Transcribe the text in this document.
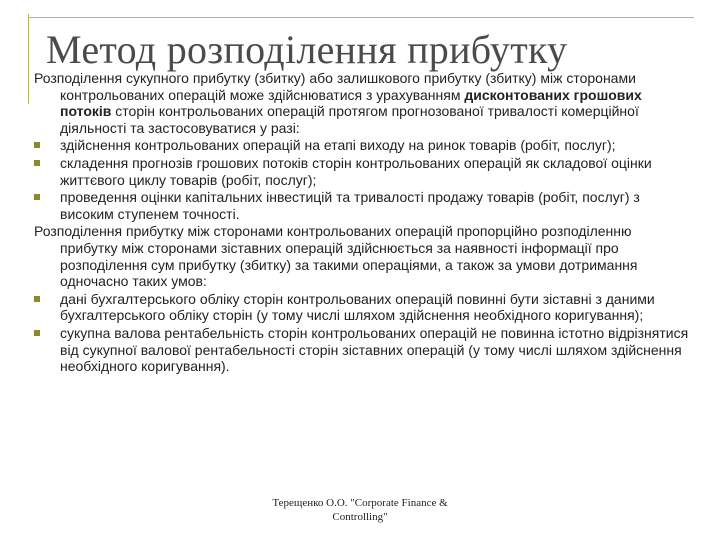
Метод розподілення прибутку

Розподілення сукупного прибутку (збитку) або залишкового прибутку (збитку) між сторонами контрольованих операцій може здійснюватися з урахуванням дисконтованих грошових потоків сторін контрольованих операцій протягом прогнозованої тривалості комерційної діяльності та застосовуватися у разі:

здійснення контрольованих операцій на етапі виходу на ринок товарів (робіт, послуг);
складення прогнозів грошових потоків сторін контрольованих операцій як складової оцінки життєвого циклу товарів (робіт, послуг);
проведення оцінки капітальних інвестицій та тривалості продажу товарів (робіт, послуг) з високим ступенем точності.

Розподілення прибутку між сторонами контрольованих операцій пропорційно розподіленню прибутку між сторонами зіставних операцій здійснюється за наявності інформації про розподілення сум прибутку (збитку) за такими операціями, а також за умови дотримання одночасно таких умов:

дані бухгалтерського обліку сторін контрольованих операцій повинні бути зіставні з даними бухгалтерського обліку сторін (у тому числі шляхом здійснення необхідного коригування);
сукупна валова рентабельність сторін контрольованих операцій не повинна істотно відрізнятися від сукупної валової рентабельності сторін зіставних операцій (у тому числі шляхом здійснення необхідного коригування).
Терещенко О.О. "Corporate Finance &
Controlling"
